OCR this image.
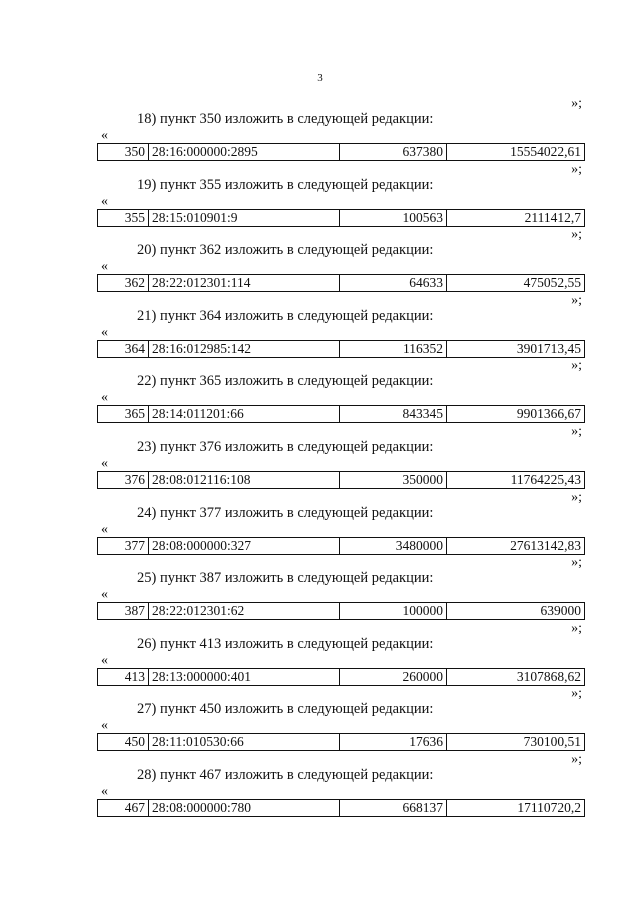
3
»;
18) пункт 350 изложить в следующей редакции:
«
350 28:16:000000:2895	637380	15554022,61
»;
19) пункт 355 изложить в следующей редакции:
«
355 28:15:010901:9	100563	2111412,7
»;
20) пункт 362 изложить в следующей редакции:
«
362 28:22:012301:114	64633	475052,55
»;
21) пункт 364 изложить в следующей редакции:
«
364 28:16:012985:142	116352	3901713,45
»;
22) пункт 365 изложить в следующей редакции:
«
365 28:14:011201:66	843345	9901366,67
»;
23) пункт 376 изложить в следующей редакции:
«
376 28:08:012116:108	350000	11764225,43
»;
24) пункт 377 изложить в следующей редакции:
«
377 28:08:000000:327	3480000	27613142,83
»;
25) пункт 387 изложить в следующей редакции:
«
387 28:22:012301:62	100000	639000
»;
26) пункт 413 изложить в следующей редакции:
«
413 28:13:000000:401	260000	3107868,62
»;
27) пункт 450 изложить в следующей редакции:
«
450 28:11:010530:66	17636	730100,51
»;
28) пункт 467 изложить в следующей редакции:
«
467 28:08:000000:780	668137	17110720,2
